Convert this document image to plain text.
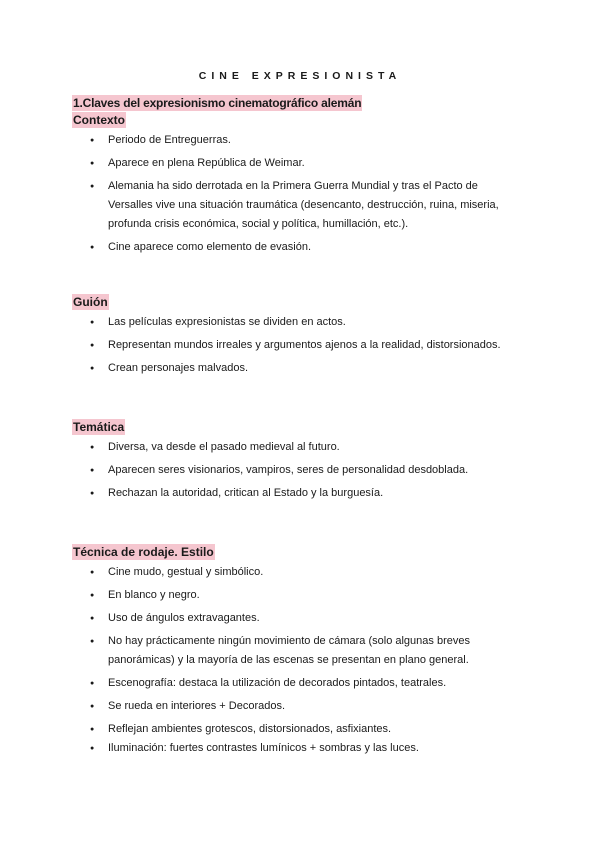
CINE EXPRESIONISTA
1.Claves del expresionismo cinematográfico alemán
Contexto
● Periodo de Entreguerras.
● Aparece en plena República de Weimar.
● Alemania ha sido derrotada en la Primera Guerra Mundial y tras el Pacto de Versalles vive una situación traumática (desencanto, destrucción, ruina, miseria, profunda crisis económica, social y política, humillación, etc.).
● Cine aparece como elemento de evasión.
Guión
● Las películas expresionistas se dividen en actos.
● Representan mundos irreales y argumentos ajenos a la realidad, distorsionados.
● Crean personajes malvados.
Temática
● Diversa, va desde el pasado medieval al futuro.
● Aparecen seres visionarios, vampiros, seres de personalidad desdoblada.
● Rechazan la autoridad, critican al Estado y la burguesía.
Técnica de rodaje. Estilo
● Cine mudo, gestual y simbólico.
● En blanco y negro.
● Uso de ángulos extravagantes.
● No hay prácticamente ningún movimiento de cámara (solo algunas breves panorámicas) y la mayoría de las escenas se presentan en plano general.
● Escenografía: destaca la utilización de decorados pintados, teatrales.
● Se rueda en interiores + Decorados.
● Reflejan ambientes grotescos, distorsionados, asfixiantes.
● Iluminación: fuertes contrastes lumínicos + sombras y las luces.
